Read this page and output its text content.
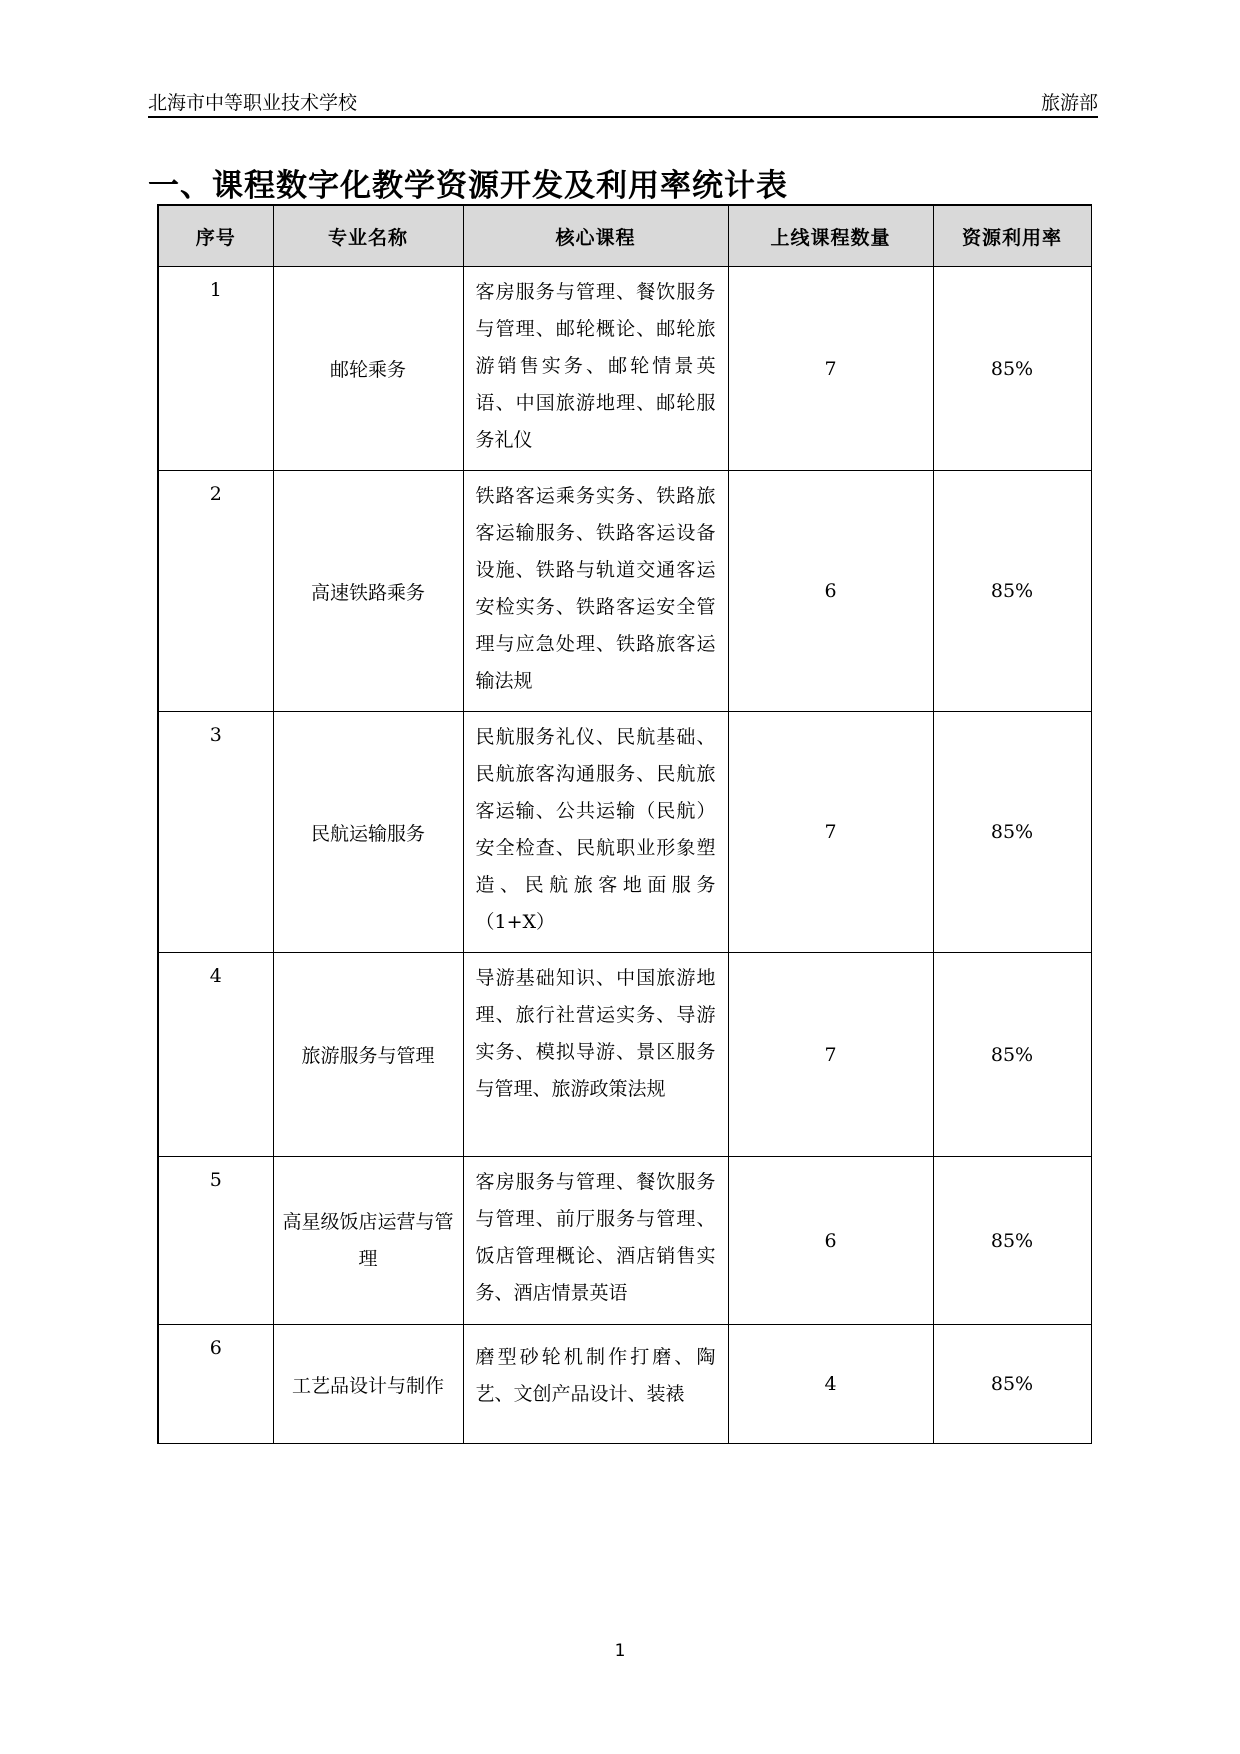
北海市中等职业技术学校	旅游部
一、课程数字化教学资源开发及利用率统计表
序号	专业名称	核心课程	上线课程数量	资源利用率
1	邮轮乘务	客房服务与管理、餐饮服务与管理、邮轮概论、邮轮旅游销售实务、邮轮情景英语、中国旅游地理、邮轮服务礼仪	7	85%
2	高速铁路乘务	铁路客运乘务实务、铁路旅客运输服务、铁路客运设备设施、铁路与轨道交通客运安检实务、铁路客运安全管理与应急处理、铁路旅客运输法规	6	85%
3	民航运输服务	民航服务礼仪、民航基础、民航旅客沟通服务、民航旅客运输、公共运输（民航）安全检查、民航职业形象塑造、民航旅客地面服务（1+X）	7	85%
4	旅游服务与管理	导游基础知识、中国旅游地理、旅行社营运实务、导游实务、模拟导游、景区服务与管理、旅游政策法规	7	85%
5	高星级饭店运营与管理	客房服务与管理、餐饮服务与管理、前厅服务与管理、饭店管理概论、酒店销售实务、酒店情景英语	6	85%
6	工艺品设计与制作	磨型砂轮机制作打磨、陶艺、文创产品设计、装裱	4	85%
1
